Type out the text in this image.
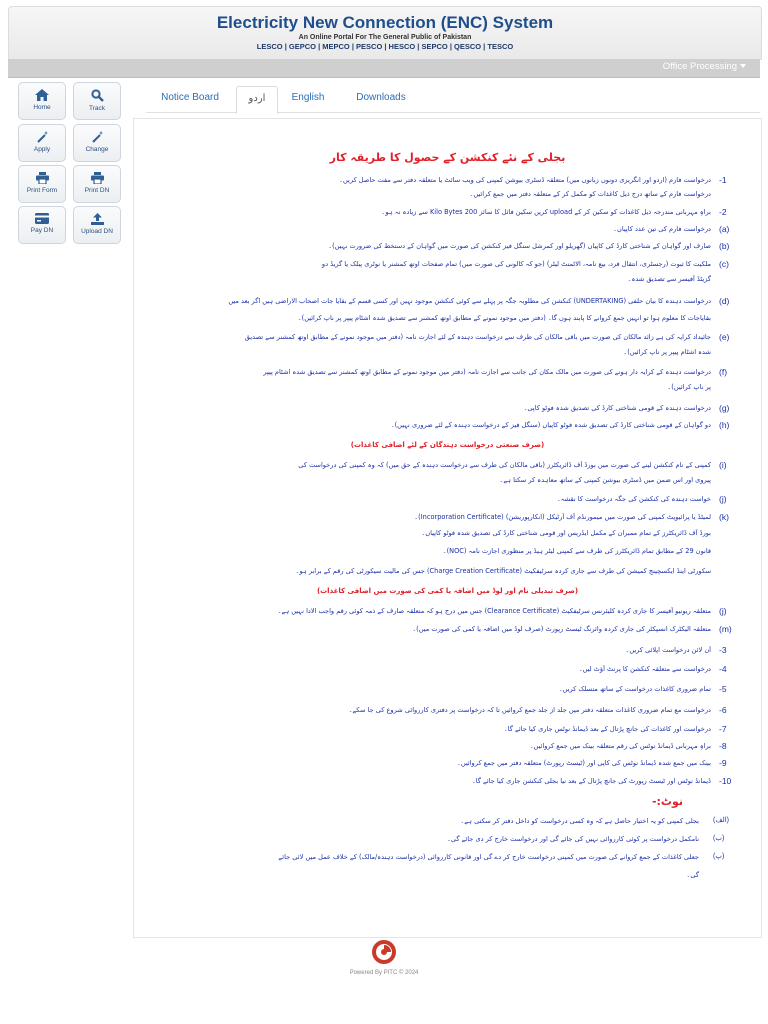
Electricity New Connection (ENC) System
An Online Portal For The General Public of Pakistan
LESCO | GEPCO | MEPCO | PESCO | HESCO | SEPCO | QESCO | TESCO
Office Processing
Home	Track
Apply	Change
Print Form	Print DN
Pay DN	Upload DN
Notice Board	اردو	English	Downloads
بجلی کے نئے کنکشن کے حصول کا طریقہ کار
-1
درخواست فارم (اردو اور انگریزی دونوں زبانوں میں) متعلقہ ڈسٹری بیوشن کمپنی کی ویب سائٹ یا متعلقہ دفتر سے مفت حاصل کریں۔
درخواست فارم کے ساتھ درج ذیل کاغذات کو مکمل کر کے متعلقہ دفتر میں جمع کرائیں۔
-2
براہِ مہربانی مندرجہ ذیل کاغذات کو سکین کر کے upload کریں سکین فائل کا سائز 200 Kilo Bytes سے زیادہ نہ ہو۔
(a)
درخواست فارم کی تین عدد کاپیاں۔
(b)
صارف اور گواہان کے شناختی کارڈ کی کاپیاں (گھریلو اور کمرشل سنگل فیز کنکشن کی صورت میں گواہان کے دستخط کی ضرورت نہیں)۔
(c)
ملکیت کا ثبوت (رجسٹری، انتقال فرد، بیع نامہ، الاٹمنٹ لیٹر) (جو کہ کالونی کی صورت میں) تمام صفحات اوتھ کمشنر یا نوٹری پبلک یا گریڈ دو
گزیٹڈ آفیسر سے تصدیق شدہ۔
(d)
درخواست دہندہ کا بیان حلفی (UNDERTAKING) کنکشن کی مطلوبہ جگہ پر پہلے سے کوئی کنکشن موجود نہیں اور کسی قسم کے بقایا جات اصحاب الاراضی ہیں اگر بعد میں
بقایاجات کا معلوم ہوا تو انہیں جمع کروانے کا پابند ہوں گا۔ (دفتر میں موجود نمونے کے مطابق اوتھ کمشنر سے تصدیق شدہ اشٹام پیپر پر ناپ کرائیں)۔
(e)
جائیداد کرایہ کی ہے زائد مالکان کی صورت میں باقی مالکان کی طرف سے درخواست دہندہ کے لئے اجازت نامہ (دفتر میں موجود نمونے کے مطابق اوتھ کمشنر سے تصدیق
شدہ اشٹام پیپر پر ناپ کرائیں)۔
(f)
درخواست دہندہ کے کرایہ دار ہونے کی صورت میں مالک مکان کی جانب سے اجازت نامہ (دفتر میں موجود نمونے کے مطابق اوتھ کمشنر سے تصدیق شدہ اشٹام پیپر
پر ناپ کرائیں)۔
(g)
درخواست دہندہ کے قومی شناختی کارڈ کی تصدیق شدہ فوٹو کاپی۔
(h)
دو گواہان کے قومی شناختی کارڈ کی تصدیق شدہ فوٹو کاپیاں (سنگل فیز کے درخواست دہندہ کے لئے ضروری نہیں)۔
(i)
کمپنی کے نام کنکشن لینے کی صورت میں بورڈ آف ڈائریکٹرز (باقی مالکان کی طرف سے درخواست دہندہ کے حق میں) کہ وہ کمپنی کی درخواست کی
پیروی اور اس ضمن میں ڈسٹری بیوشن کمپنی کے ساتھ معاہدہ کر سکتا ہے۔
(j)
خواست دہندہ کی کنکشن کی جگہ درخواست کا نقشہ۔
(k)
لمیٹڈ یا پرائیویٹ کمپنی کی صورت میں میمورنڈم آف آرٹیکل (انکارپوریشن) (Incorporation Certificate)۔
بورڈ آف ڈائریکٹرز کے تمام ممبران کے مکمل ایڈریس اور قومی شناختی کارڈ کی تصدیق شدہ فوٹو کاپیاں۔
قانون 29 کے مطابق تمام ڈائریکٹرز کی طرف سے کمپنی لیٹر ہیڈ پر منظوری اجازت نامہ (NOC)۔
سکورٹی اینڈ ایکسچینج کمیشن کی طرف سے جاری کردہ سرٹیفکیٹ (Charge Creation Certificate) جس کی مالیت سیکورٹی کی رقم کے برابر ہو۔
(j)
متعلقہ ریونیو آفیسر کا جاری کردہ کلیئرنس سرٹیفکیٹ (Clearance Certificate) جس میں درج ہو کہ متعلقہ صارف کے ذمہ کوئی رقم واجب الادا نہیں ہے۔
(m)
متعلقہ الیکٹرک انسپکٹر کی جاری کردہ وائرنگ ٹیسٹ رپورٹ (صرف لوڈ میں اضافہ یا کمی کی صورت میں)۔
-3
آن لائن درخواست اپلائی کریں۔
-4
درخواست سے متعلقہ کنکشن کا پرنٹ آؤٹ لیں۔
-5
تمام ضروری کاغذات درخواست کے ساتھ منسلک کریں۔
-6
درخواست مع تمام ضروری کاغذات متعلقہ دفتر میں جلد از جلد جمع کروائیں تا کہ درخواست پر دفتری کارروائی شروع کی جا سکے۔
-7
درخواست اور کاغذات کی جانچ پڑتال کے بعد ڈیمانڈ نوٹس جاری کیا جائے گا۔
-8
براہِ مہربانی ڈیمانڈ نوٹس کی رقم متعلقہ بینک میں جمع کروائیں۔
-9
بینک میں جمع شدہ ڈیمانڈ نوٹس کی کاپی اور (ٹیسٹ رپورٹ) متعلقہ دفتر میں جمع کروائیں۔
-10
ڈیمانڈ نوٹس اور ٹیسٹ رپورٹ کی جانچ پڑتال کے بعد نیا بجلی کنکشن جاری کیا جائے گا۔
(صرف صنعتی درخواست دہندگان کے لئے اضافی کاغذات)
(صرف تبدیلی نام اور لوڈ میں اضافہ یا کمی کی صورت میں اضافی کاغذات)
نوٹ:-
(الف)
بجلی کمپنی کو یہ اختیار حاصل ہے کہ وہ کسی درخواست کو داخل دفتر کر سکتی ہے۔
(ب)
نامکمل درخواست پر کوئی کارروائی نہیں کی جائے گی اور درخواست خارج کر دی جائے گی۔
(پ)
جعلی کاغذات کے جمع کروانے کی صورت میں کمپنی درخواست خارج کر دے گی اور قانونی کارروائی (درخواست دہندہ/مالک) کے خلاف عمل میں لائی جائے
گی۔
Powered By PITC © 2024
